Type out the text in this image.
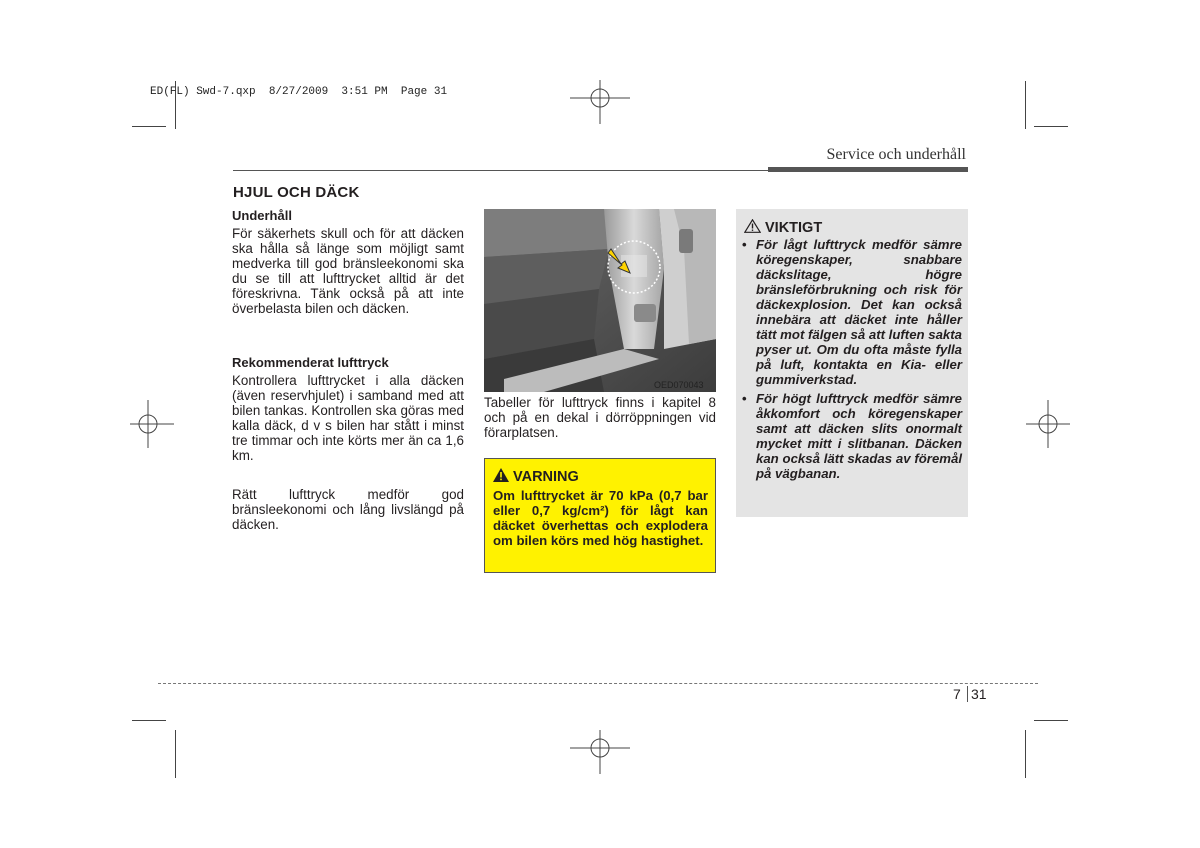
ED(FL) Swd-7.qxp  8/27/2009  3:51 PM  Page 31
Service och underhåll
HJUL OCH DÄCK
Underhåll
För säkerhets skull och för att däcken ska hålla så länge som möjligt samt medverka till god bränsleekonomi ska du se till att lufttrycket alltid är det föreskrivna. Tänk också på att inte överbelasta bilen och däcken.
Rekommenderat lufttryck
Kontrollera lufttrycket i alla däcken (även reservhjulet) i samband med att bilen tankas. Kontrollen ska göras med kalla däck, d v s bilen har stått i minst tre timmar och inte körts mer än ca 1,6 km.
Rätt lufttryck medför god bränsleekonomi och lång livslängd på däcken.
OED070043
Tabeller för lufttryck finns i kapitel 8 och på en dekal i dörröppningen vid förarplatsen.
VARNING
Om lufttrycket är 70 kPa (0,7 bar eller 0,7 kg/cm²) för lågt kan däcket överhettas och explodera om bilen körs med hög hastighet.
VIKTIGT
• För lågt lufttryck medför sämre köregenskaper, snabbare däckslitage, högre bränsleförbrukning och risk för däckexplosion. Det kan också innebära att däcket inte håller tätt mot fälgen så att luften sakta pyser ut. Om du ofta måste fylla på luft, kontakta en Kia- eller gummiverkstad.
• För högt lufttryck medför sämre åkkomfort och köregenskaper samt att däcken slits onormalt mycket mitt i slitbanan. Däcken kan också lätt skadas av föremål på vägbanan.
7 31
